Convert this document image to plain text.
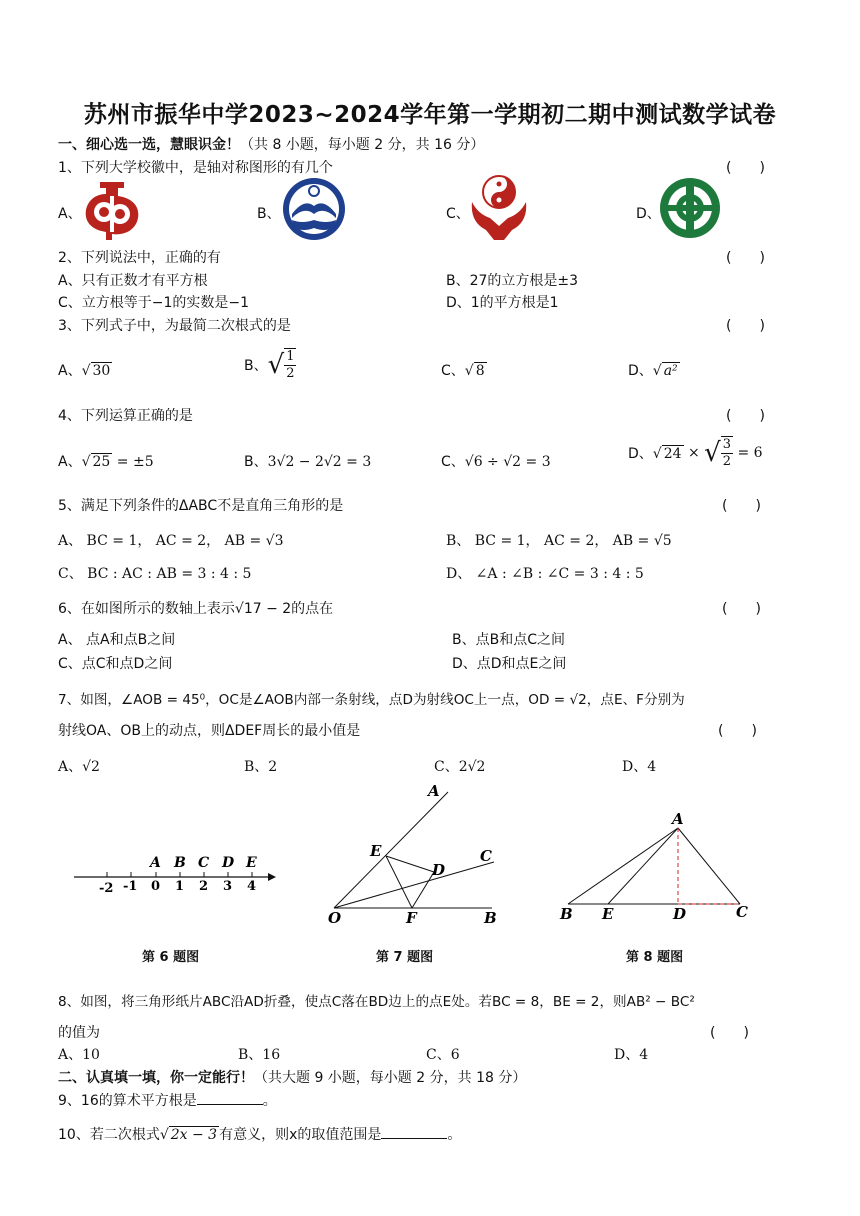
苏州市振华中学2023~2024学年第一学期初二期中测试数学试卷
一、细心选一选，慧眼识金！（共 8 小题，每小题 2 分，共 16 分）
1、下列大学校徽中，是轴对称图形的有几个	(　　)
A、	B、	C、	D、
2、下列说法中，正确的有	(　　)
A、只有正数才有平方根	B、27的立方根是±3
C、立方根等于−1的实数是−1	D、1的平方根是1
3、下列式子中，为最简二次根式的是	(　　)
A、√ 30	B、√ $\frac{1}{2}$	C、√ 8	D、√ a²
4、下列运算正确的是	(　　)
A、√ 25 = ±5	B、3√2 − 2√2 = 3	C、√6 ÷ √2 = 3	D、√ 24 × √ $\frac{3}{2} = 6$
5、满足下列条件的ΔABC不是直角三角形的是	(　　)
A、 BC = 1， AC = 2， AB = √3	B、 BC = 1， AC = 2， AB = √5
C、 BC : AC : AB = 3 : 4 : 5	D、 ∠A : ∠B : ∠C = 3 : 4 : 5
6、在如图所示的数轴上表示√17 − 2的点在	(　　)
A、 点A和点B之间	B、点B和点C之间
C、点C和点D之间	D、点D和点E之间
7、如图，∠AOB = 45⁰，OC是∠AOB内部一条射线，点D为射线OC上一点，OD = √2，点E、F分别为
射线OA、OB上的动点，则ΔDEF周长的最小值是	(　　)
A、√2	B、2	C、2√2	D、4
-2 -1 0 1 2 3 4
A B C D E
A
C
E
D
O	F	B
A
B E	D	C
第 6 题图	第 7 题图	第 8 题图
8、如图，将三角形纸片ABC沿AD折叠，使点C落在BD边上的点E处。若BC = 8，BE = 2，则AB² − BC²
的值为	(　　)
A、10	B、16	C、6	D、4
二、认真填一填，你一定能行！（共大题 9 小题，每小题 2 分，共 18 分）
9、16的算术平方根是	。
10、若二次根式√ 2x − 3 有意义，则x的取值范围是	。
